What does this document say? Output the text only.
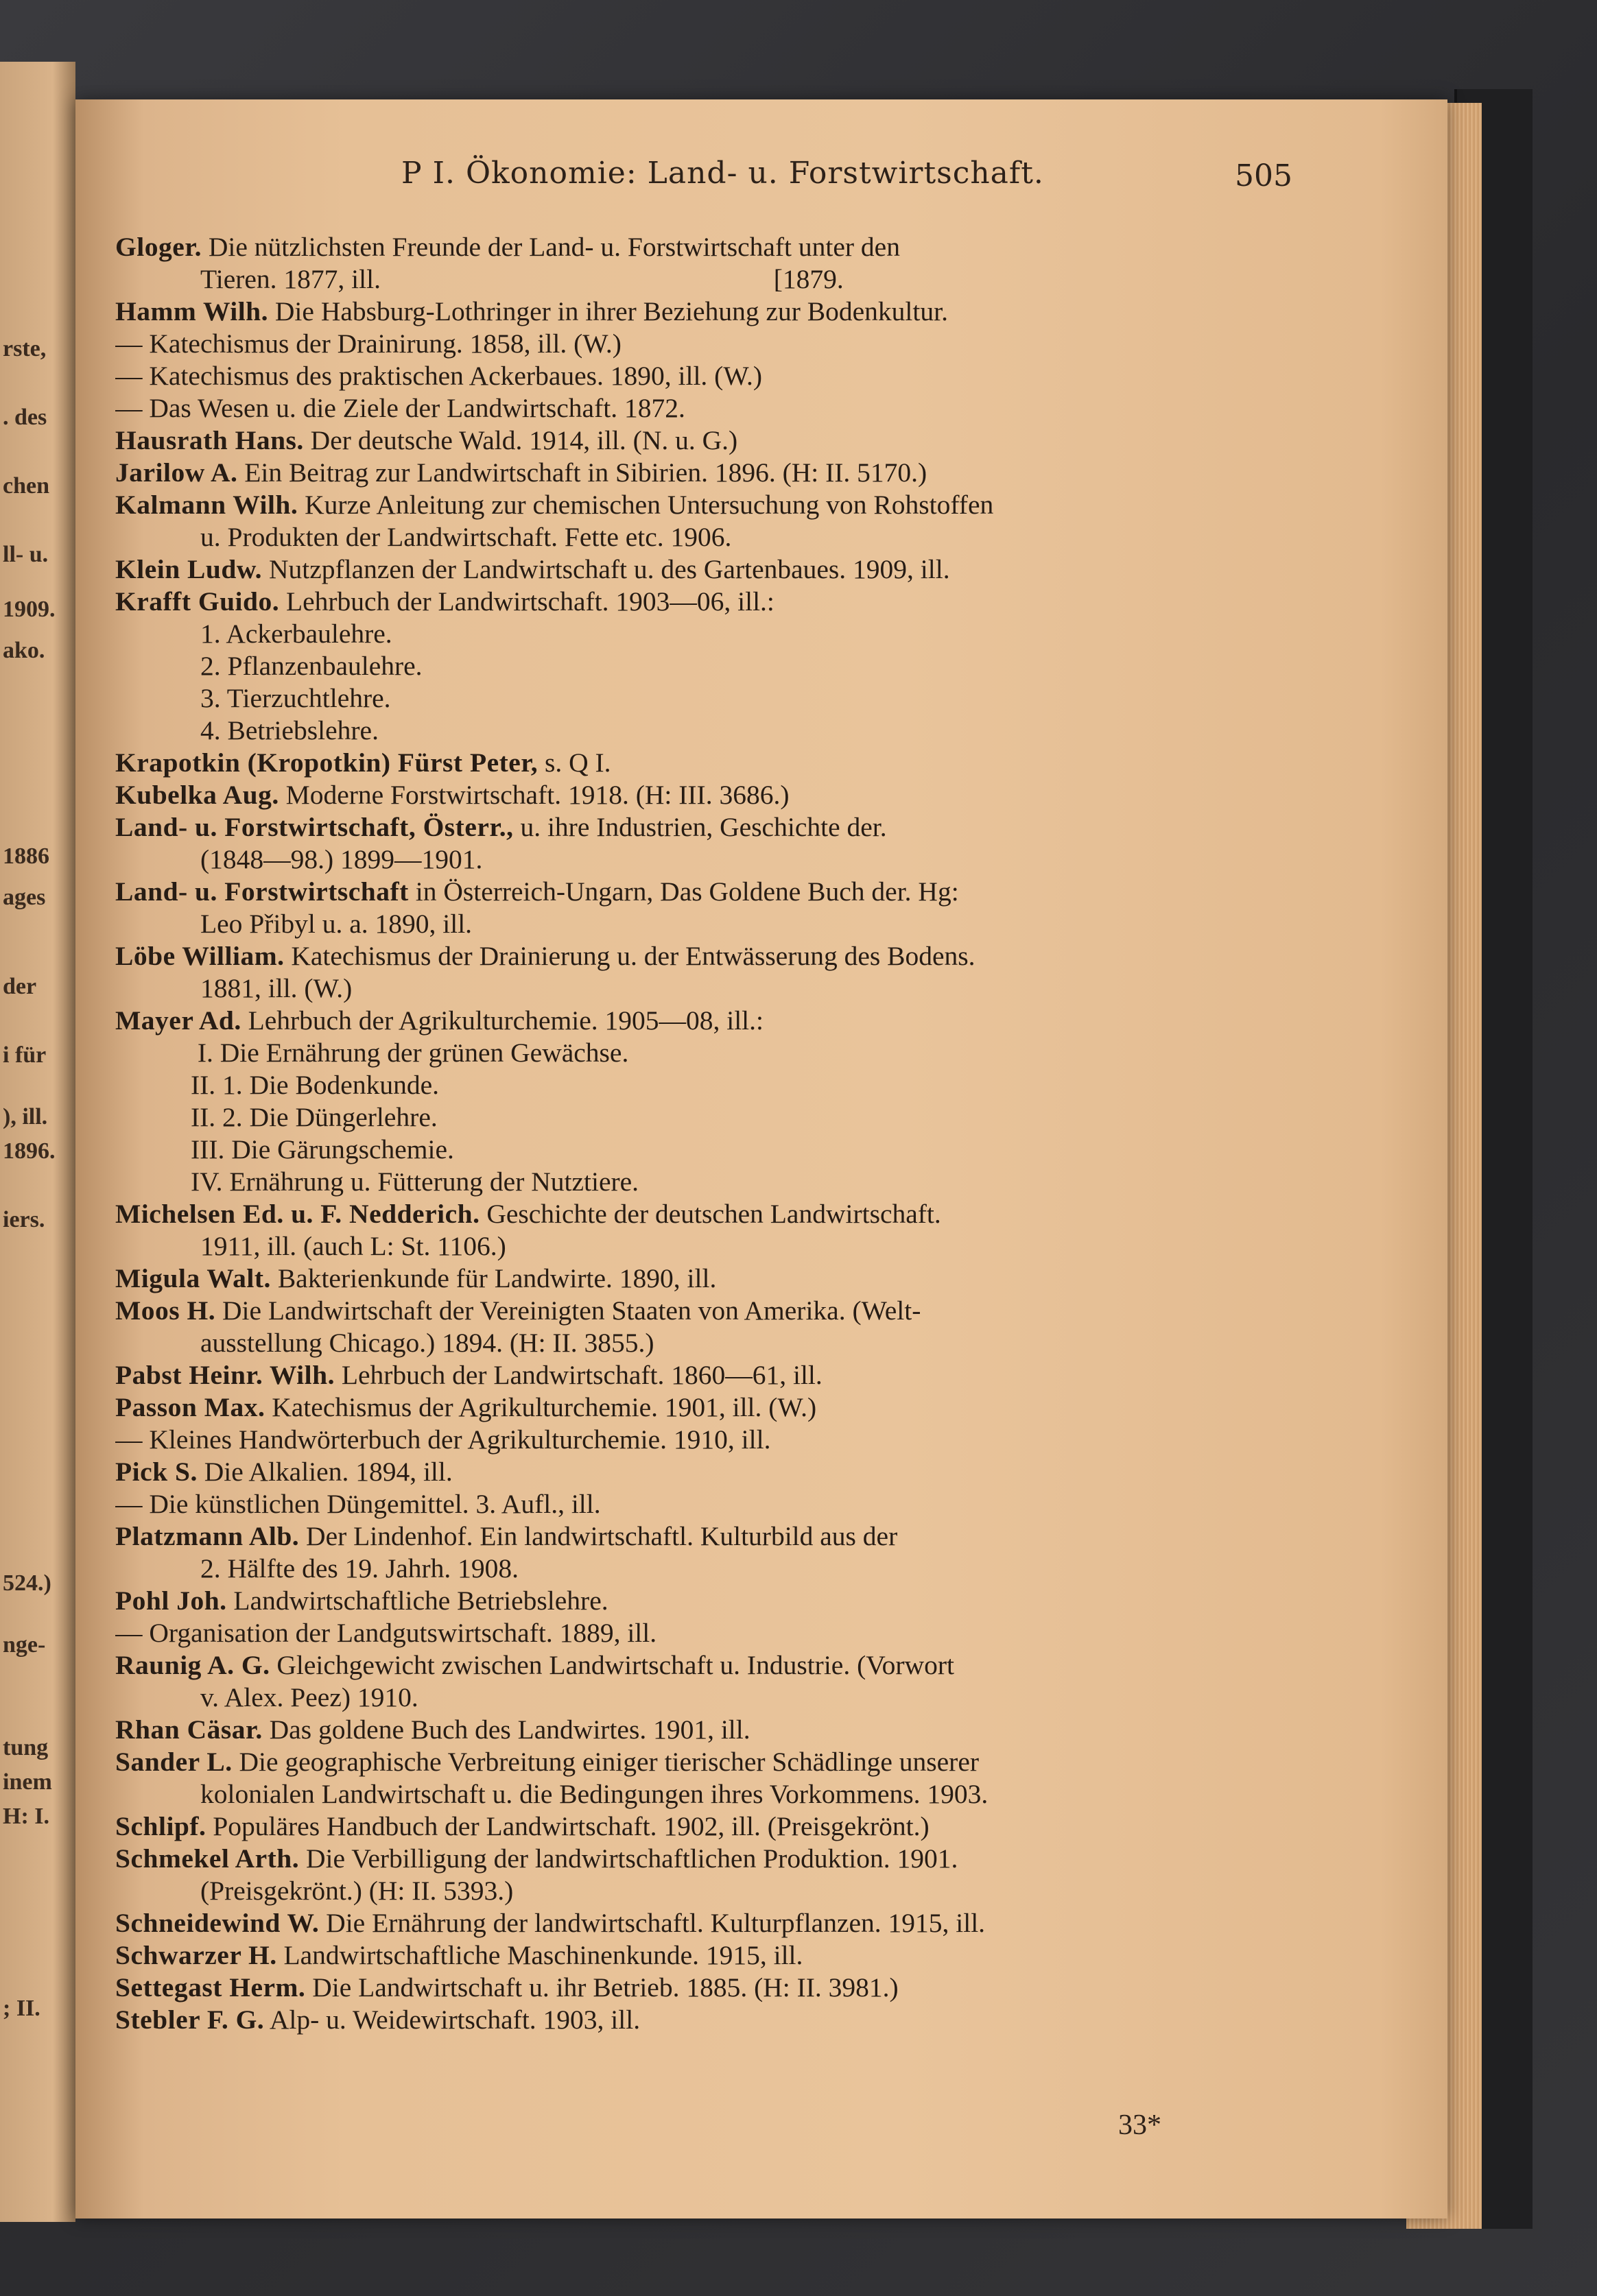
rste,
. des
chen
ll- u.
1909.
ako.
1886
ages
der
i für
), ill.
1896.
iers.
524.)
nge-
tung
inem
H: I.
; II.
P I. Ökonomie: Land- u. Forstwirtschaft.	505
Gloger. Die nützlichsten Freunde der Land- u. Forstwirtschaft unter den
Tieren. 1877, ill.                                                          [1879.
Hamm Wilh. Die Habsburg-Lothringer in ihrer Beziehung zur Bodenkultur.
— Katechismus der Drainirung. 1858, ill. (W.)
— Katechismus des praktischen Ackerbaues. 1890, ill. (W.)
— Das Wesen u. die Ziele der Landwirtschaft. 1872.
Hausrath Hans. Der deutsche Wald. 1914, ill. (N. u. G.)
Jarilow A. Ein Beitrag zur Landwirtschaft in Sibirien. 1896. (H: II. 5170.)
Kalmann Wilh. Kurze Anleitung zur chemischen Untersuchung von Rohstoffen
u. Produkten der Landwirtschaft. Fette etc. 1906.
Klein Ludw. Nutzpflanzen der Landwirtschaft u. des Gartenbaues. 1909, ill.
Krafft Guido. Lehrbuch der Landwirtschaft. 1903—06, ill.:
1. Ackerbaulehre.
2. Pflanzenbaulehre.
3. Tierzuchtlehre.
4. Betriebslehre.
Krapotkin (Kropotkin) Fürst Peter, s. Q I.
Kubelka Aug. Moderne Forstwirtschaft. 1918. (H: III. 3686.)
Land- u. Forstwirtschaft, Österr., u. ihre Industrien, Geschichte der.
(1848—98.) 1899—1901.
Land- u. Forstwirtschaft in Österreich-Ungarn, Das Goldene Buch der. Hg:
Leo Přibyl u. a. 1890, ill.
Löbe William. Katechismus der Drainierung u. der Entwässerung des Bodens.
1881, ill. (W.)
Mayer Ad. Lehrbuch der Agrikulturchemie. 1905—08, ill.:
I. Die Ernährung der grünen Gewächse.
II. 1. Die Bodenkunde.
II. 2. Die Düngerlehre.
III. Die Gärungschemie.
IV. Ernährung u. Fütterung der Nutztiere.
Michelsen Ed. u. F. Nedderich. Geschichte der deutschen Landwirtschaft.
1911, ill. (auch L: St. 1106.)
Migula Walt. Bakterienkunde für Landwirte. 1890, ill.
Moos H. Die Landwirtschaft der Vereinigten Staaten von Amerika. (Welt-
ausstellung Chicago.) 1894. (H: II. 3855.)
Pabst Heinr. Wilh. Lehrbuch der Landwirtschaft. 1860—61, ill.
Passon Max. Katechismus der Agrikulturchemie. 1901, ill. (W.)
— Kleines Handwörterbuch der Agrikulturchemie. 1910, ill.
Pick S. Die Alkalien. 1894, ill.
— Die künstlichen Düngemittel. 3. Aufl., ill.
Platzmann Alb. Der Lindenhof. Ein landwirtschaftl. Kulturbild aus der
2. Hälfte des 19. Jahrh. 1908.
Pohl Joh. Landwirtschaftliche Betriebslehre.
— Organisation der Landgutswirtschaft. 1889, ill.
Raunig A. G. Gleichgewicht zwischen Landwirtschaft u. Industrie. (Vorwort
v. Alex. Peez) 1910.
Rhan Cäsar. Das goldene Buch des Landwirtes. 1901, ill.
Sander L. Die geographische Verbreitung einiger tierischer Schädlinge unserer
kolonialen Landwirtschaft u. die Bedingungen ihres Vorkommens. 1903.
Schlipf. Populäres Handbuch der Landwirtschaft. 1902, ill. (Preisgekrönt.)
Schmekel Arth. Die Verbilligung der landwirtschaftlichen Produktion. 1901.
(Preisgekrönt.) (H: II. 5393.)
Schneidewind W. Die Ernährung der landwirtschaftl. Kulturpflanzen. 1915, ill.
Schwarzer H. Landwirtschaftliche Maschinenkunde. 1915, ill.
Settegast Herm. Die Landwirtschaft u. ihr Betrieb. 1885. (H: II. 3981.)
Stebler F. G. Alp- u. Weidewirtschaft. 1903, ill.
33*
